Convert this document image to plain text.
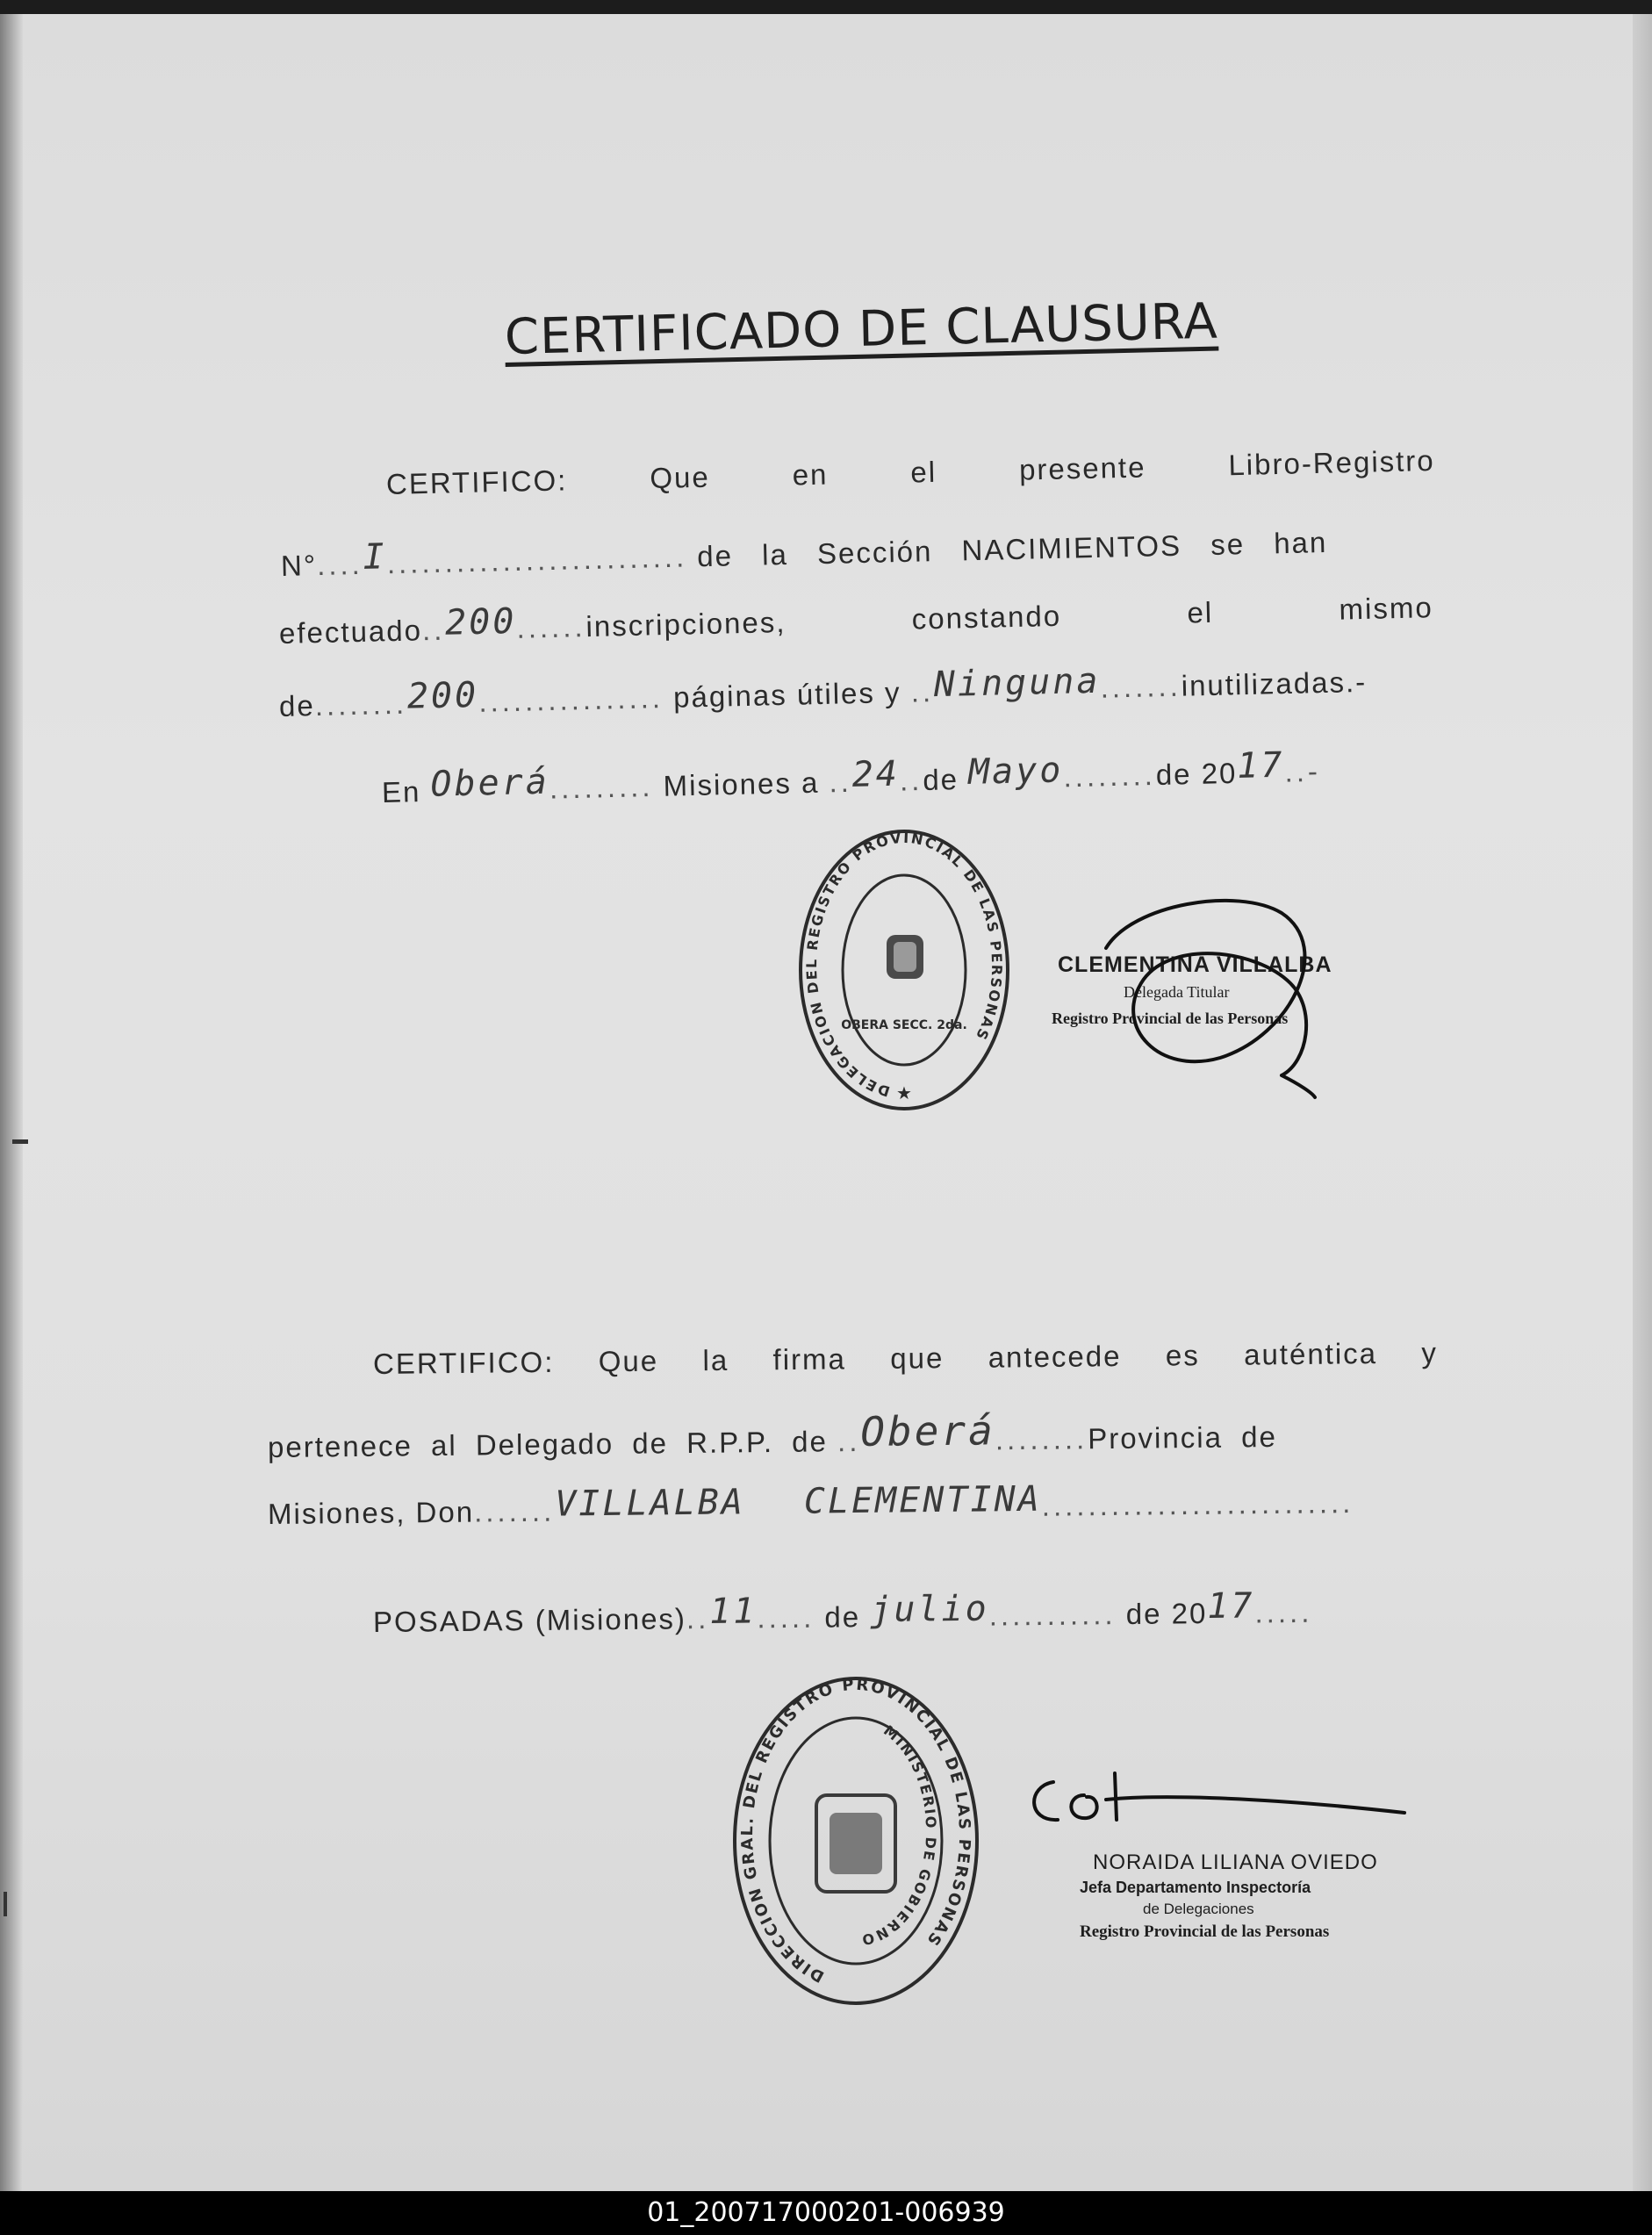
CERTIFICADO DE CLAUSURA
CERTIFICO:	Que	en	el	presente	Libro-Registro
N°....I.......................... de la Sección NACIMIENTOS se han
efectuado..200......inscripciones,	constando	el	mismo
de........200................ páginas útiles y ..Ninguna.......inutilizadas.-
En Oberá......... Misiones a ..24..de Mayo........de 2017..-
DELEGACION DEL REGISTRO PROVINCIAL DE LAS PERSONAS
OBERA SECC. 2da.
★
CLEMENTINA VILLALBA
Delegada Titular
Registro Provincial de las Personas
CERTIFICO: Que la firma que antecede es auténtica y
pertenece al Delegado de R.P.P. de ..Oberá........Provincia de
Misiones, Don.......VILLALBA CLEMENTINA...........................
POSADAS (Misiones)..11..... de julio........... de 2017.....
DIRECCION GRAL. DEL REGISTRO PROVINCIAL DE LAS PERSONAS
MINISTERIO DE GOBIERNO
NORAIDA LILIANA OVIEDO
Jefa Departamento Inspectoría
de Delegaciones
Registro Provincial de las Personas
01_200717000201-006939
